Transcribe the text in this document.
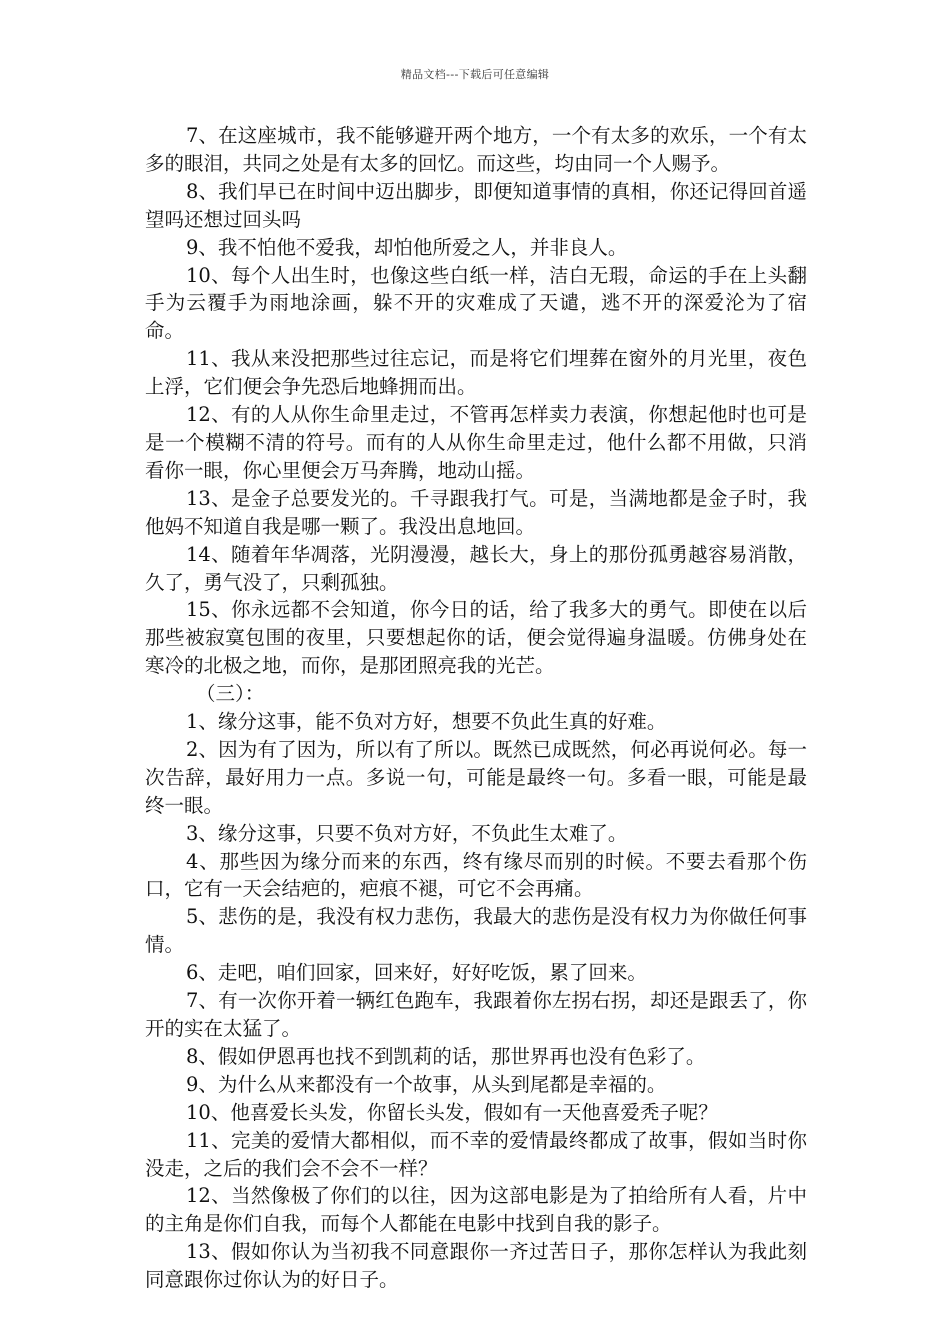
精品文档---下载后可任意编辑

7、在这座城市，我不能够避开两个地方，一个有太多的欢乐，一个有太多的眼泪，共同之处是有太多的回忆。而这些，均由同一个人赐予。

8、我们早已在时间中迈出脚步，即便知道事情的真相，你还记得回首遥望吗还想过回头吗

9、我不怕他不爱我，却怕他所爱之人，并非良人。

10、每个人出生时，也像这些白纸一样，洁白无瑕，命运的手在上头翻手为云覆手为雨地涂画，躲不开的灾难成了天谴，逃不开的深爱沦为了宿命。

11、我从来没把那些过往忘记，而是将它们埋葬在窗外的月光里，夜色上浮，它们便会争先恐后地蜂拥而出。

12、有的人从你生命里走过，不管再怎样卖力表演，你想起他时也可是是一个模糊不清的符号。而有的人从你生命里走过，他什么都不用做，只消看你一眼，你心里便会万马奔腾，地动山摇。

13、是金子总要发光的。千寻跟我打气。可是，当满地都是金子时，我他妈不知道自我是哪一颗了。我没出息地回。

14、随着年华凋落，光阴漫漫，越长大，身上的那份孤勇越容易消散，久了，勇气没了，只剩孤独。

15、你永远都不会知道，你今日的话，给了我多大的勇气。即使在以后那些被寂寞包围的夜里，只要想起你的话，便会觉得遍身温暖。仿佛身处在寒冷的北极之地，而你，是那团照亮我的光芒。

（三）：

1、缘分这事，能不负对方好，想要不负此生真的好难。

2、因为有了因为，所以有了所以。既然已成既然，何必再说何必。每一次告辞，最好用力一点。多说一句，可能是最终一句。多看一眼，可能是最终一眼。

3、缘分这事，只要不负对方好，不负此生太难了。

4、那些因为缘分而来的东西，终有缘尽而别的时候。不要去看那个伤口，它有一天会结疤的，疤痕不褪，可它不会再痛。

5、悲伤的是，我没有权力悲伤，我最大的悲伤是没有权力为你做任何事情。

6、走吧，咱们回家，回来好，好好吃饭，累了回来。

7、有一次你开着一辆红色跑车，我跟着你左拐右拐，却还是跟丢了，你开的实在太猛了。

8、假如伊恩再也找不到凯莉的话，那世界再也没有色彩了。

9、为什么从来都没有一个故事，从头到尾都是幸福的。

10、他喜爱长头发，你留长头发，假如有一天他喜爱秃子呢？

11、完美的爱情大都相似，而不幸的爱情最终都成了故事，假如当时你没走，之后的我们会不会不一样？

12、当然像极了你们的以往，因为这部电影是为了拍给所有人看，片中的主角是你们自我，而每个人都能在电影中找到自我的影子。

13、假如你认为当初我不同意跟你一齐过苦日子，那你怎样认为我此刻同意跟你过你认为的好日子。
